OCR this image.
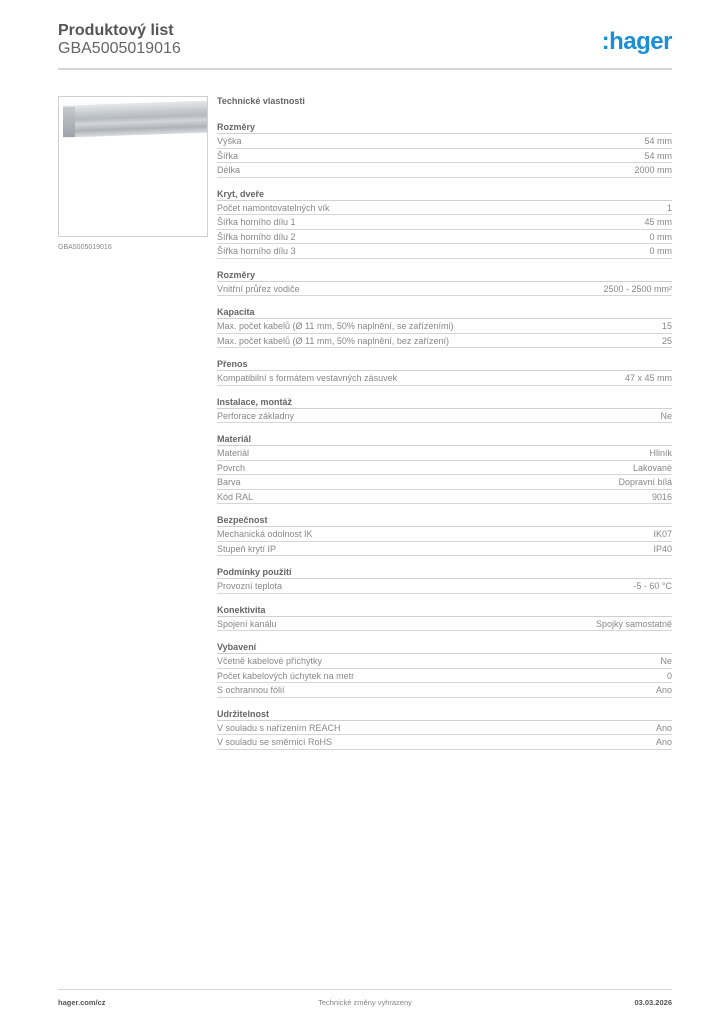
Produktový list
GBA5005019016	:hager
GBA5005019016
Technické vlastnosti
Rozměry
Výška	54 mm
Šířka	54 mm
Délka	2000 mm
Kryt, dveře
Počet namontovatelných vík	1
Šířka horního dílu 1	45 mm
Šířka horního dílu 2	0 mm
Šířka horního dílu 3	0 mm
Rozměry
Vnitřní průřez vodiče	2500 - 2500 mm²
Kapacita
Max. počet kabelů (Ø 11 mm, 50% naplnění, se zařízeními)	15
Max. počet kabelů (Ø 11 mm, 50% naplnění, bez zařízení)	25
Přenos
Kompatibilní s formátem vestavných zásuvek	47 x 45 mm
Instalace, montáž
Perforace základny	Ne
Materiál
Materiál	Hliník
Povrch	Lakované
Barva	Dopravní bílá
Kód RAL	9016
Bezpečnost
Mechanická odolnost IK	IK07
Stupeň krytí IP	IP40
Podmínky použití
Provozní teplota	-5 - 60 °C
Konektivita
Spojení kanálu	Spojky samostatně
Vybavení
Včetně kabelové příchytky	Ne
Počet kabelových úchytek na metr	0
S ochrannou fólií	Ano
Udržitelnost
V souladu s nařízením REACH	Ano
V souladu se směrnicí RoHS	Ano
hager.com/cz	Technické změny vyhrazeny	03.03.2026
